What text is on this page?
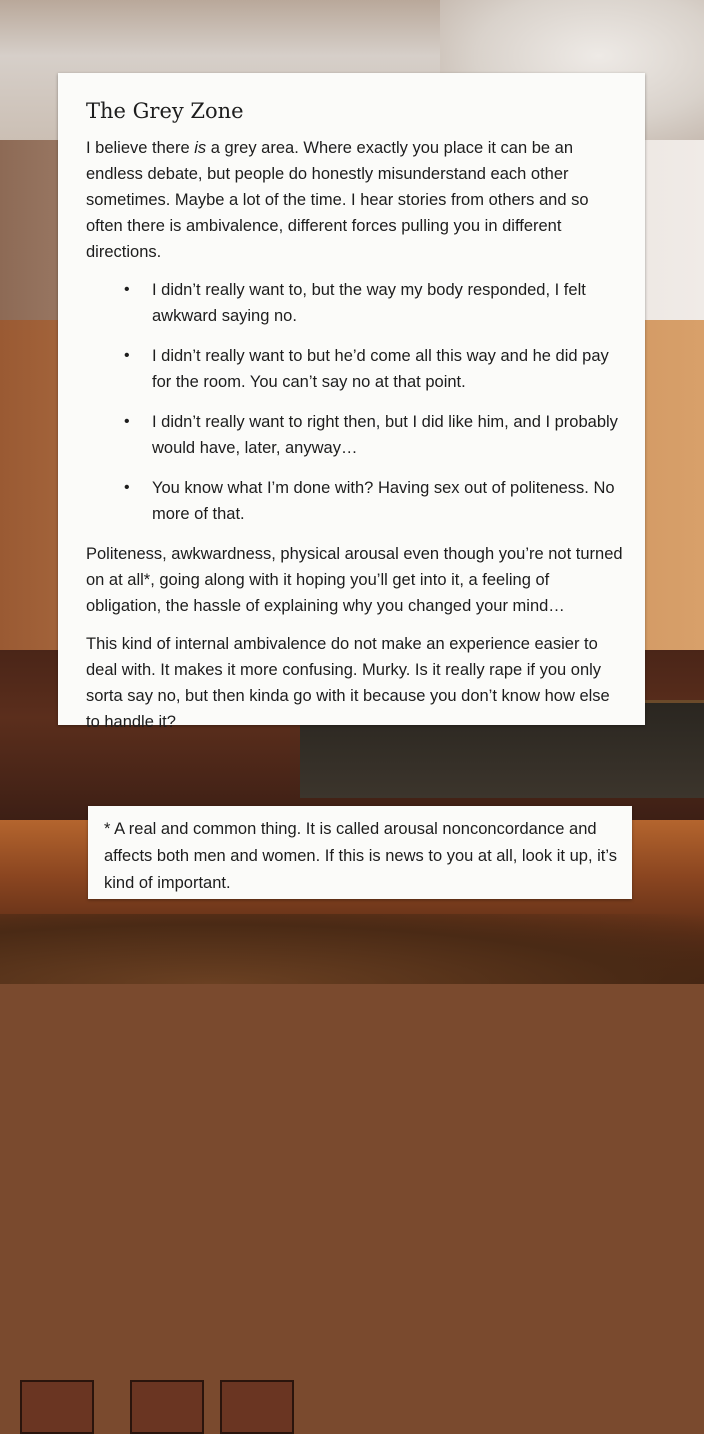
The Grey Zone

I believe there is a grey area. Where exactly you place it can be an endless debate, but people do honestly misunderstand each other sometimes. Maybe a lot of the time. I hear stories from others and so often there is ambivalence, different forces pulling you in different directions.

• I didn’t really want to, but the way my body responded, I felt awkward saying no.
• I didn’t really want to but he’d come all this way and he did pay for the room. You can’t say no at that point.
• I didn’t really want to right then, but I did like him, and I probably would have, later, anyway…
• You know what I’m done with? Having sex out of politeness. No more of that.

Politeness, awkwardness, physical arousal even though you’re not turned on at all*, going along with it hoping you’ll get into it, a feeling of obligation, the hassle of explaining why you changed your mind…

This kind of internal ambivalence do not make an experience easier to deal with. It makes it more confusing. Murky. Is it really rape if you only sorta say no, but then kinda go with it because you don’t know how else to handle it?

* A real and common thing. It is called arousal nonconcordance and affects both men and women. If this is news to you at all, look it up, it’s kind of important.
